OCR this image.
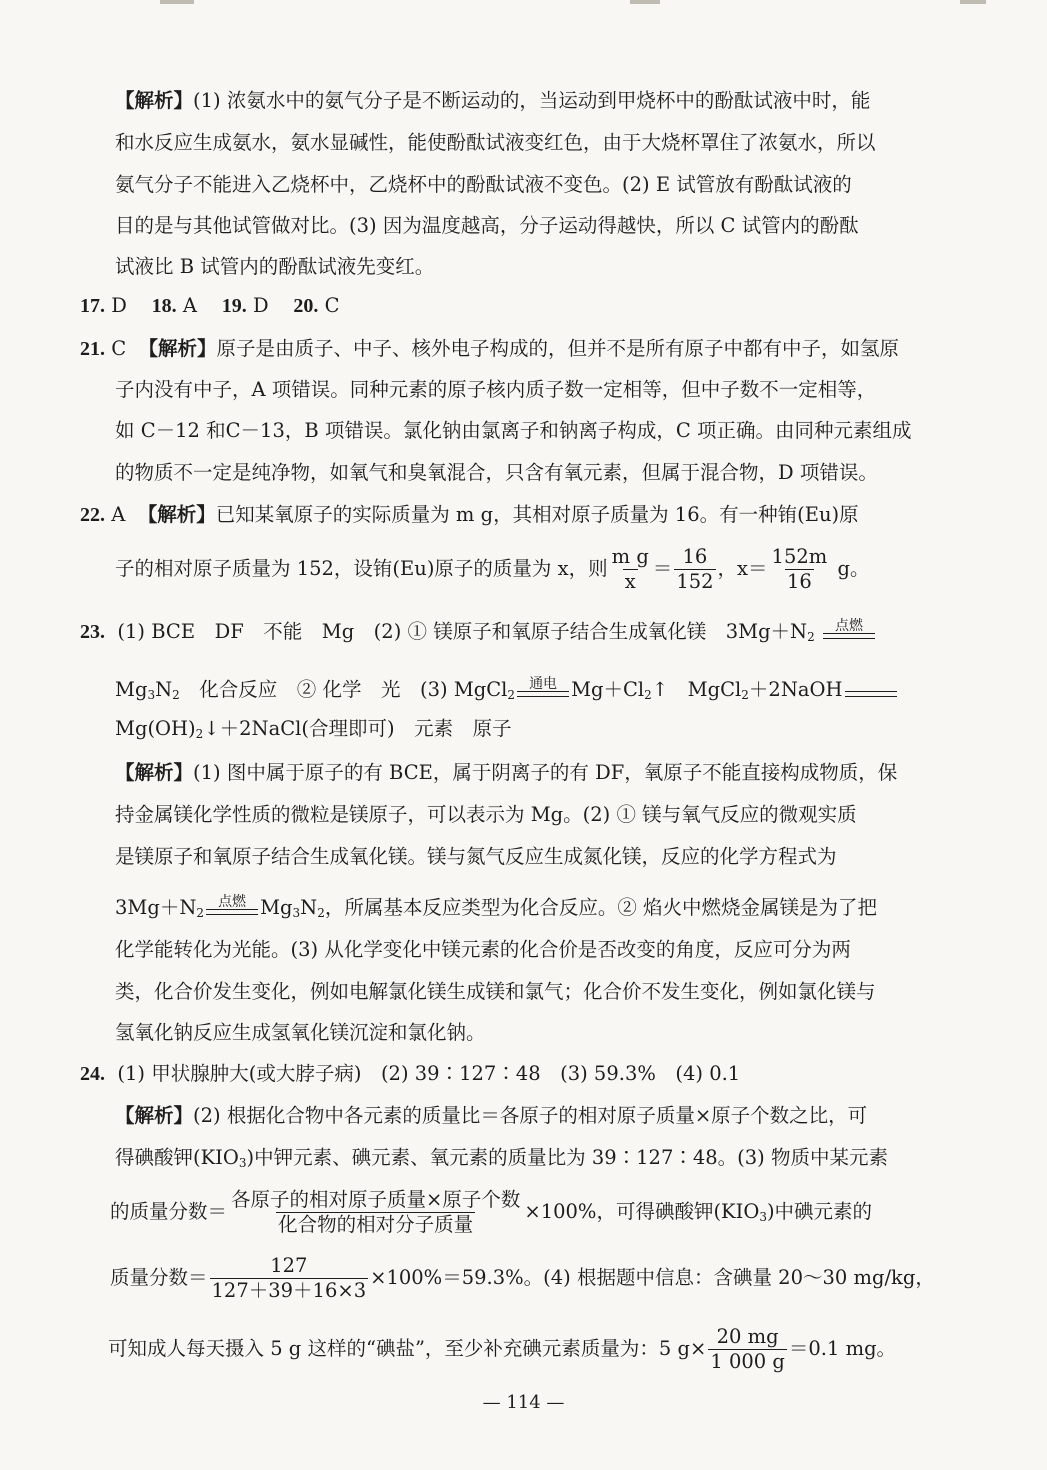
【解析】(1) 浓氨水中的氨气分子是不断运动的，当运动到甲烧杯中的酚酞试液中时，能
和水反应生成氨水，氨水显碱性，能使酚酞试液变红色，由于大烧杯罩住了浓氨水，所以
氨气分子不能进入乙烧杯中，乙烧杯中的酚酞试液不变色。(2) E 试管放有酚酞试液的
目的是与其他试管做对比。(3) 因为温度越高，分子运动得越快，所以 C 试管内的酚酞
试液比 B 试管内的酚酞试液先变红。
17. D 18. A 19. D 20. C
21. C 【解析】原子是由质子、中子、核外电子构成的，但并不是所有原子中都有中子，如氢原
子内没有中子，A 项错误。同种元素的原子核内质子数一定相等，但中子数不一定相等，
如 C－12 和C－13，B 项错误。氯化钠由氯离子和钠离子构成，C 项正确。由同种元素组成
的物质不一定是纯净物，如氧气和臭氧混合，只含有氧元素，但属于混合物，D 项错误。
22. A 【解析】已知某氧原子的实际质量为 m g，其相对原子质量为 16。有一种铕(Eu)原
子的相对原子质量为 152，设铕(Eu)原子的质量为 x，则 $\frac{\text{m g}}{x} = \frac{16}{152}$ ，$x= \frac{152m}{16}$ g。
23. (1) BCE　DF　不能　Mg　(2) ① 镁原子和氧原子结合生成氧化镁　$3Mg+N_2$
点燃
$Mg_3N_2$　化合反应　② 化学　光　(3) MgCl$_2$
通电 $Mg+Cl_2↑$　MgCl$_2$＋2NaOH

$Mg(OH)_2↓+2NaCl$(合理即可)　元素　原子
【解析】(1) 图中属于原子的有 BCE，属于阴离子的有 DF，氧原子不能直接构成物质，保
持金属镁化学性质的微粒是镁原子，可以表示为 Mg。(2) ① 镁与氧气反应的微观实质
是镁原子和氧原子结合生成氧化镁。镁与氮气反应生成氮化镁，反应的化学方程式为
$3Mg+N_2$
点燃 $Mg_3N_2$，所属基本反应类型为化合反应。② 焰火中燃烧金属镁是为了把
化学能转化为光能。(3) 从化学变化中镁元素的化合价是否改变的角度，反应可分为两
类，化合价发生变化，例如电解氯化镁生成镁和氯气；化合价不发生变化，例如氯化镁与
氢氧化钠反应生成氢氧化镁沉淀和氯化钠。
24. (1) 甲状腺肿大(或大脖子病)　(2) 39∶127∶48　(3) 59.3%　(4) 0.1
【解析】(2) 根据化合物中各元素的质量比＝各原子的相对原子质量×原子个数之比，可
得碘酸钾$(KIO_3)$中钾元素、碘元素、氧元素的质量比为 39∶127∶48。(3) 物质中某元素
的质量分数＝ $\frac{\text{各原子的相对原子质量×原子个数}}{\text{化合物的相对分子质量}} \times 100\%$，可得碘酸钾$(KIO_3)$中碘元素的
质量分数＝ $\frac{127}{127+39+16\times 3} \times 100\%=59.3\%$。(4) 根据题中信息：含碘量 20～30 mg/kg，
可知成人每天摄入 5 g 这样的“碘盐”，至少补充碘元素质量为：5 $g\times \frac{20 mg}{1 000 g} =0.1$ mg。
— 114 —
